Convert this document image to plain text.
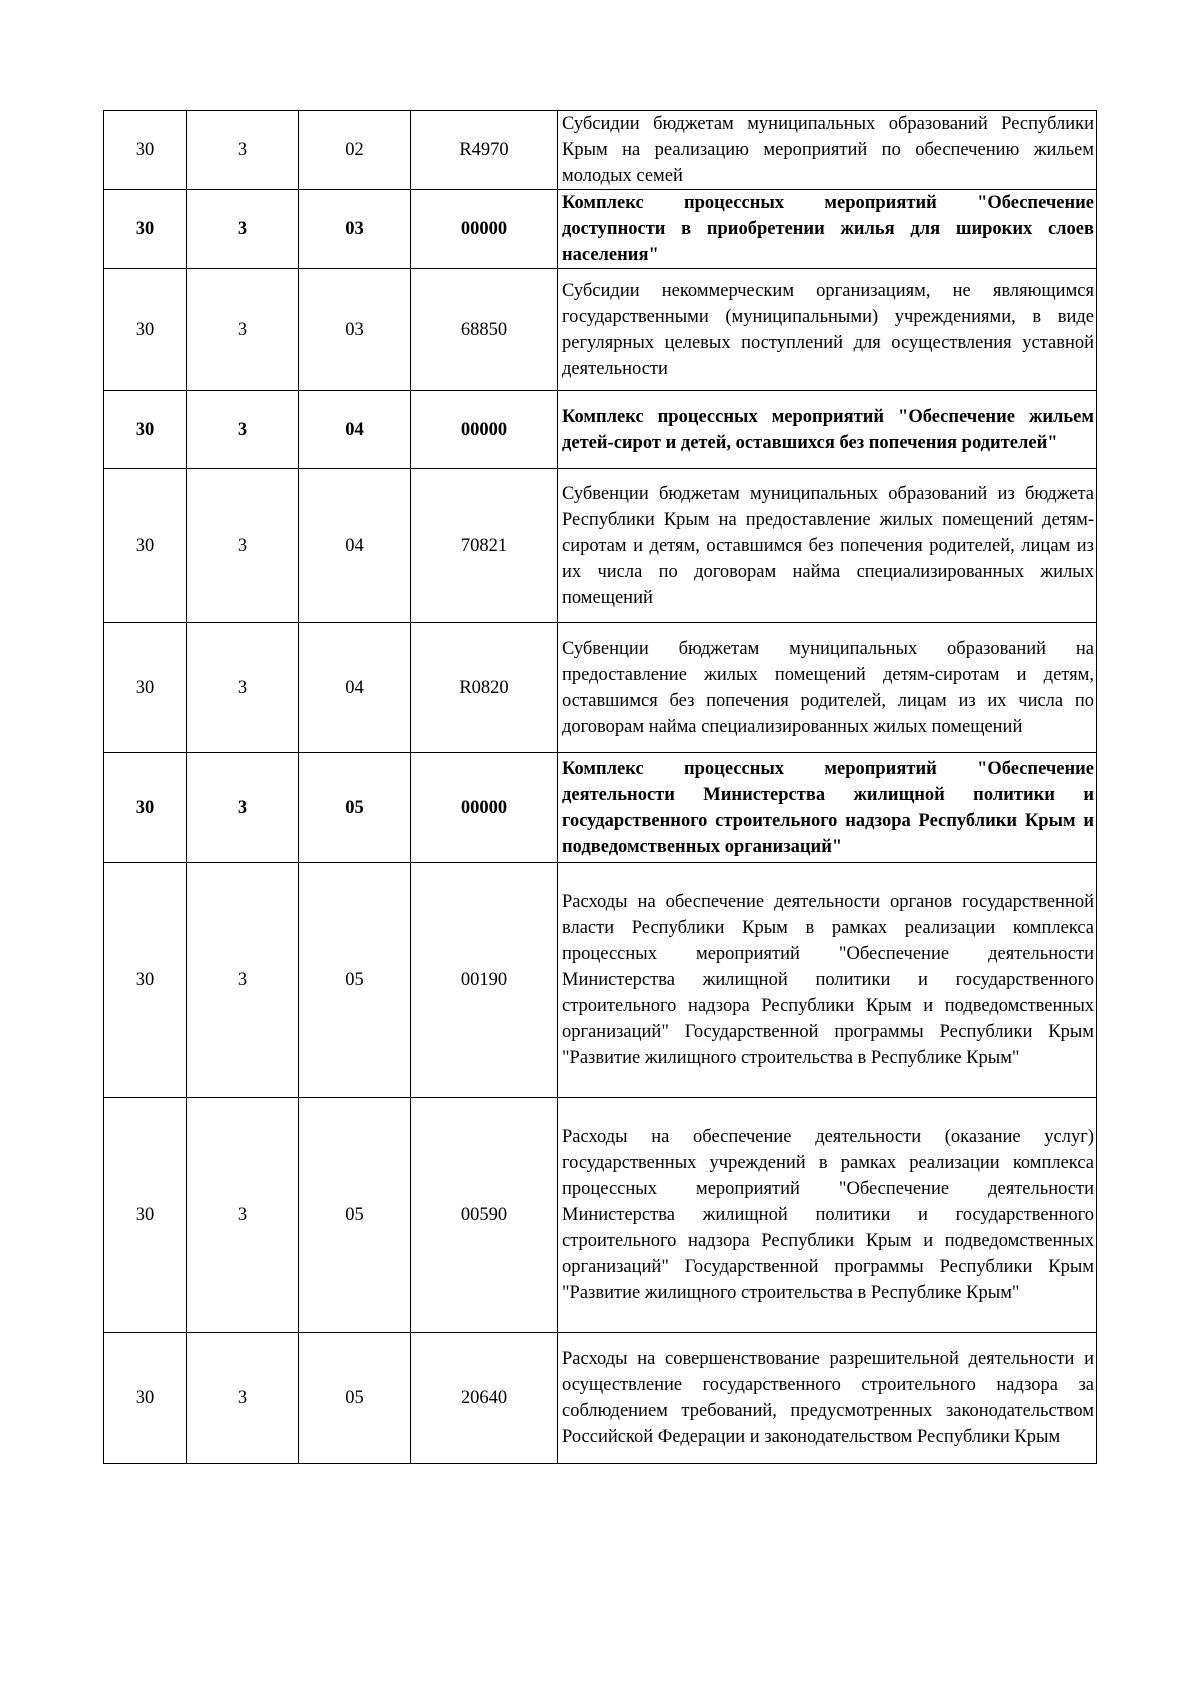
30	3	02	R4970	Субсидии бюджетам муниципальных образований Республики Крым на реализацию мероприятий по обеспечению жильем молодых семей
30	3	03	00000	Комплекс процессных мероприятий "Обеспечение доступности в приобретении жилья для широких слоев населения"
30	3	03	68850	Субсидии некоммерческим организациям, не являющимся государственными (муниципальными) учреждениями, в виде регулярных целевых поступлений для осуществления уставной деятельности
30	3	04	00000	Комплекс процессных мероприятий "Обеспечение жильем детей-сирот и детей, оставшихся без попечения родителей"
30	3	04	70821	Субвенции бюджетам муниципальных образований из бюджета Республики Крым на предоставление жилых помещений детям-сиротам и детям, оставшимся без попечения родителей, лицам из их числа по договорам найма специализированных жилых помещений
30	3	04	R0820	Субвенции бюджетам муниципальных образований на предоставление жилых помещений детям-сиротам и детям, оставшимся без попечения родителей, лицам из их числа по договорам найма специализированных жилых помещений
30	3	05	00000	Комплекс процессных мероприятий "Обеспечение деятельности Министерства жилищной политики и государственного строительного надзора Республики Крым и подведомственных организаций"
30	3	05	00190	Расходы на обеспечение деятельности органов государственной власти Республики Крым в рамках реализации комплекса процессных мероприятий "Обеспечение деятельности Министерства жилищной политики и государственного строительного надзора Республики Крым и подведомственных организаций" Государственной программы Республики Крым "Развитие жилищного строительства в Республике Крым"
30	3	05	00590	Расходы на обеспечение деятельности (оказание услуг) государственных учреждений в рамках реализации комплекса процессных мероприятий "Обеспечение деятельности Министерства жилищной политики и государственного строительного надзора Республики Крым и подведомственных организаций" Государственной программы Республики Крым "Развитие жилищного строительства в Республике Крым"
30	3	05	20640	Расходы на совершенствование разрешительной деятельности и осуществление государственного строительного надзора за соблюдением требований, предусмотренных законодательством Российской Федерации и законодательством Республики Крым
